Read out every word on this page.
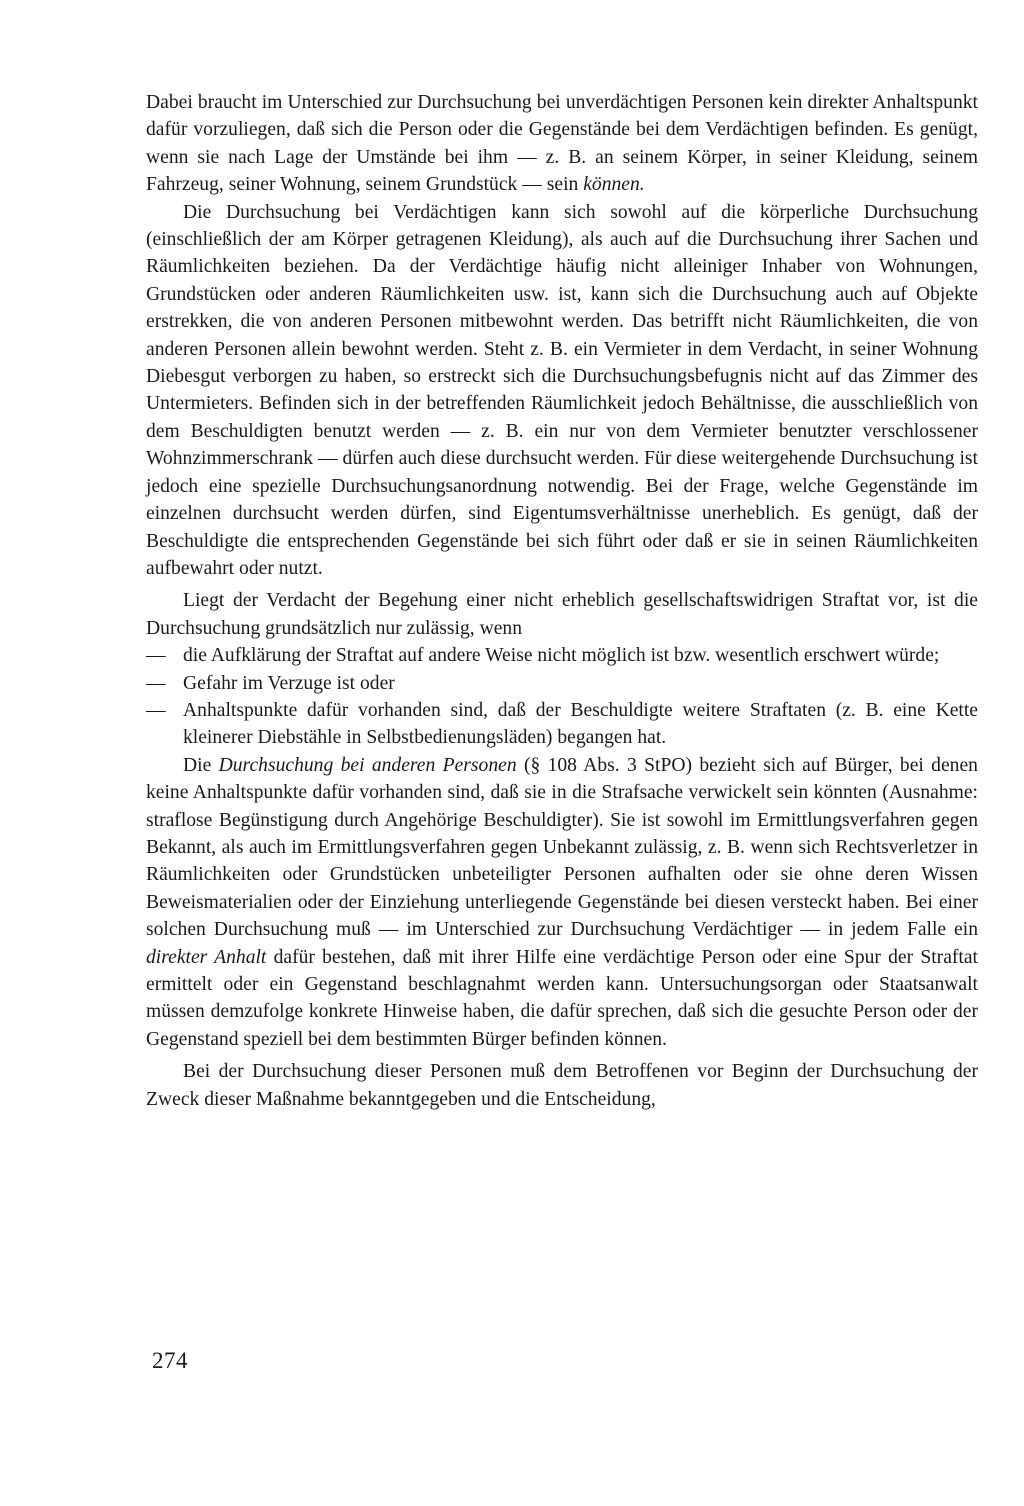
Dabei braucht im Unterschied zur Durchsuchung bei unverdächtigen Personen kein direkter Anhaltspunkt dafür vorzuliegen, daß sich die Person oder die Gegenstände bei dem Verdächtigen befinden. Es genügt, wenn sie nach Lage der Umstände bei ihm — z. B. an seinem Körper, in seiner Kleidung, seinem Fahrzeug, seiner Wohnung, seinem Grundstück — sein können.

Die Durchsuchung bei Verdächtigen kann sich sowohl auf die körperliche Durchsuchung (einschließlich der am Körper getragenen Kleidung), als auch auf die Durchsuchung ihrer Sachen und Räumlichkeiten beziehen. Da der Verdächtige häufig nicht alleiniger Inhaber von Wohnungen, Grundstücken oder anderen Räumlichkeiten usw. ist, kann sich die Durchsuchung auch auf Objekte erstrekken, die von anderen Personen mitbewohnt werden. Das betrifft nicht Räumlichkeiten, die von anderen Personen allein bewohnt werden. Steht z. B. ein Vermieter in dem Verdacht, in seiner Wohnung Diebesgut verborgen zu haben, so erstreckt sich die Durchsuchungsbefugnis nicht auf das Zimmer des Untermieters. Befinden sich in der betreffenden Räumlichkeit jedoch Behältnisse, die ausschließlich von dem Beschuldigten benutzt werden — z. B. ein nur von dem Vermieter benutzter verschlossener Wohnzimmerschrank — dürfen auch diese durchsucht werden. Für diese weitergehende Durchsuchung ist jedoch eine spezielle Durchsuchungsanordnung notwendig. Bei der Frage, welche Gegenstände im einzelnen durchsucht werden dürfen, sind Eigentumsverhältnisse unerheblich. Es genügt, daß der Beschuldigte die entsprechenden Gegenstände bei sich führt oder daß er sie in seinen Räumlichkeiten aufbewahrt oder nutzt.

Liegt der Verdacht der Begehung einer nicht erheblich gesellschaftswidrigen Straftat vor, ist die Durchsuchung grundsätzlich nur zulässig, wenn

— die Aufklärung der Straftat auf andere Weise nicht möglich ist bzw. wesentlich erschwert würde;
— Gefahr im Verzuge ist oder
— Anhaltspunkte dafür vorhanden sind, daß der Beschuldigte weitere Straftaten (z. B. eine Kette kleinerer Diebstähle in Selbstbedienungsläden) begangen hat.

Die Durchsuchung bei anderen Personen (§ 108 Abs. 3 StPO) bezieht sich auf Bürger, bei denen keine Anhaltspunkte dafür vorhanden sind, daß sie in die Strafsache verwickelt sein könnten (Ausnahme: straflose Begünstigung durch Angehörige Beschuldigter). Sie ist sowohl im Ermittlungsverfahren gegen Bekannt, als auch im Ermittlungsverfahren gegen Unbekannt zulässig, z. B. wenn sich Rechtsverletzer in Räumlichkeiten oder Grundstücken unbeteiligter Personen aufhalten oder sie ohne deren Wissen Beweismaterialien oder der Einziehung unterliegende Gegenstände bei diesen versteckt haben. Bei einer solchen Durchsuchung muß — im Unterschied zur Durchsuchung Verdächtiger — in jedem Falle ein direkter Anhalt dafür bestehen, daß mit ihrer Hilfe eine verdächtige Person oder eine Spur der Straftat ermittelt oder ein Gegenstand beschlagnahmt werden kann. Untersuchungsorgan oder Staatsanwalt müssen demzufolge konkrete Hinweise haben, die dafür sprechen, daß sich die gesuchte Person oder der Gegenstand speziell bei dem bestimmten Bürger befinden können.

Bei der Durchsuchung dieser Personen muß dem Betroffenen vor Beginn der Durchsuchung der Zweck dieser Maßnahme bekanntgegeben und die Entscheidung,

274
